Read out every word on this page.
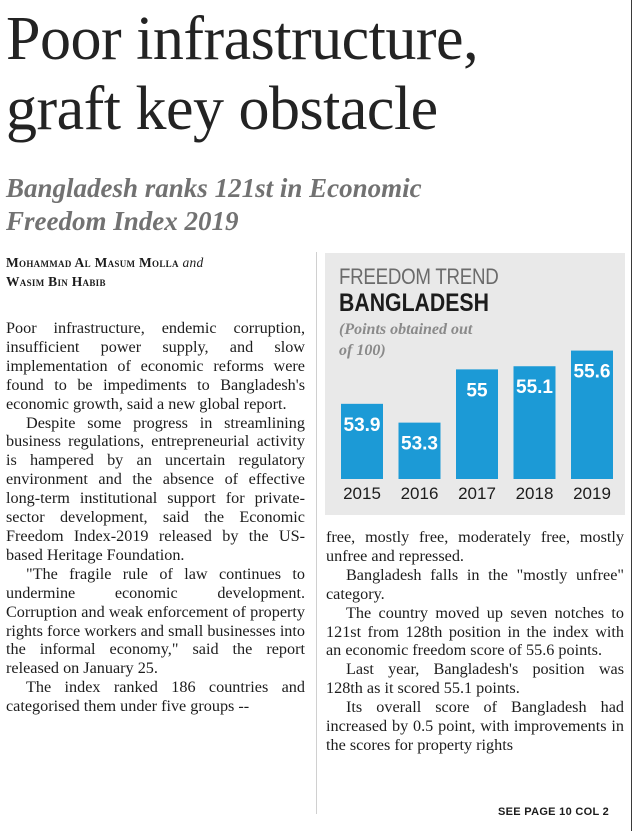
Poor infrastructure,
graft key obstacle
Bangladesh ranks 121st in Economic
Freedom Index 2019
Mohammad Al Masum Molla and
Wasim Bin Habib

Poor infrastructure, endemic corruption, insufficient power supply, and slow implementation of economic reforms were found to be impediments to Bangladesh's economic growth, said a new global report.

Despite some progress in streamlining business regulations, entrepreneurial activity is hampered by an uncertain regulatory environment and the absence of effective long-term institutional support for private-sector development, said the Economic Freedom Index-2019 released by the US-based Heritage Foundation.

"The fragile rule of law continues to undermine economic development. Corruption and weak enforcement of property rights force workers and small businesses into the informal economy," said the report released on January 25.

The index ranked 186 countries and categorised them under five groups --

FREEDOM TREND
BANGLADESH
(Points obtained out of 100)
53.9
2015
53.3
2016
55
2017
55.1
2018
55.6
2019

free, mostly free, moderately free, mostly unfree and repressed.

Bangladesh falls in the "mostly unfree" category.

The country moved up seven notches to 121st from 128th position in the index with an economic freedom score of 55.6 points.

Last year, Bangladesh's position was 128th as it scored 55.1 points.

Its overall score of Bangladesh had increased by 0.5 point, with improvements in the scores for property rights

SEE PAGE 10 COL 2
